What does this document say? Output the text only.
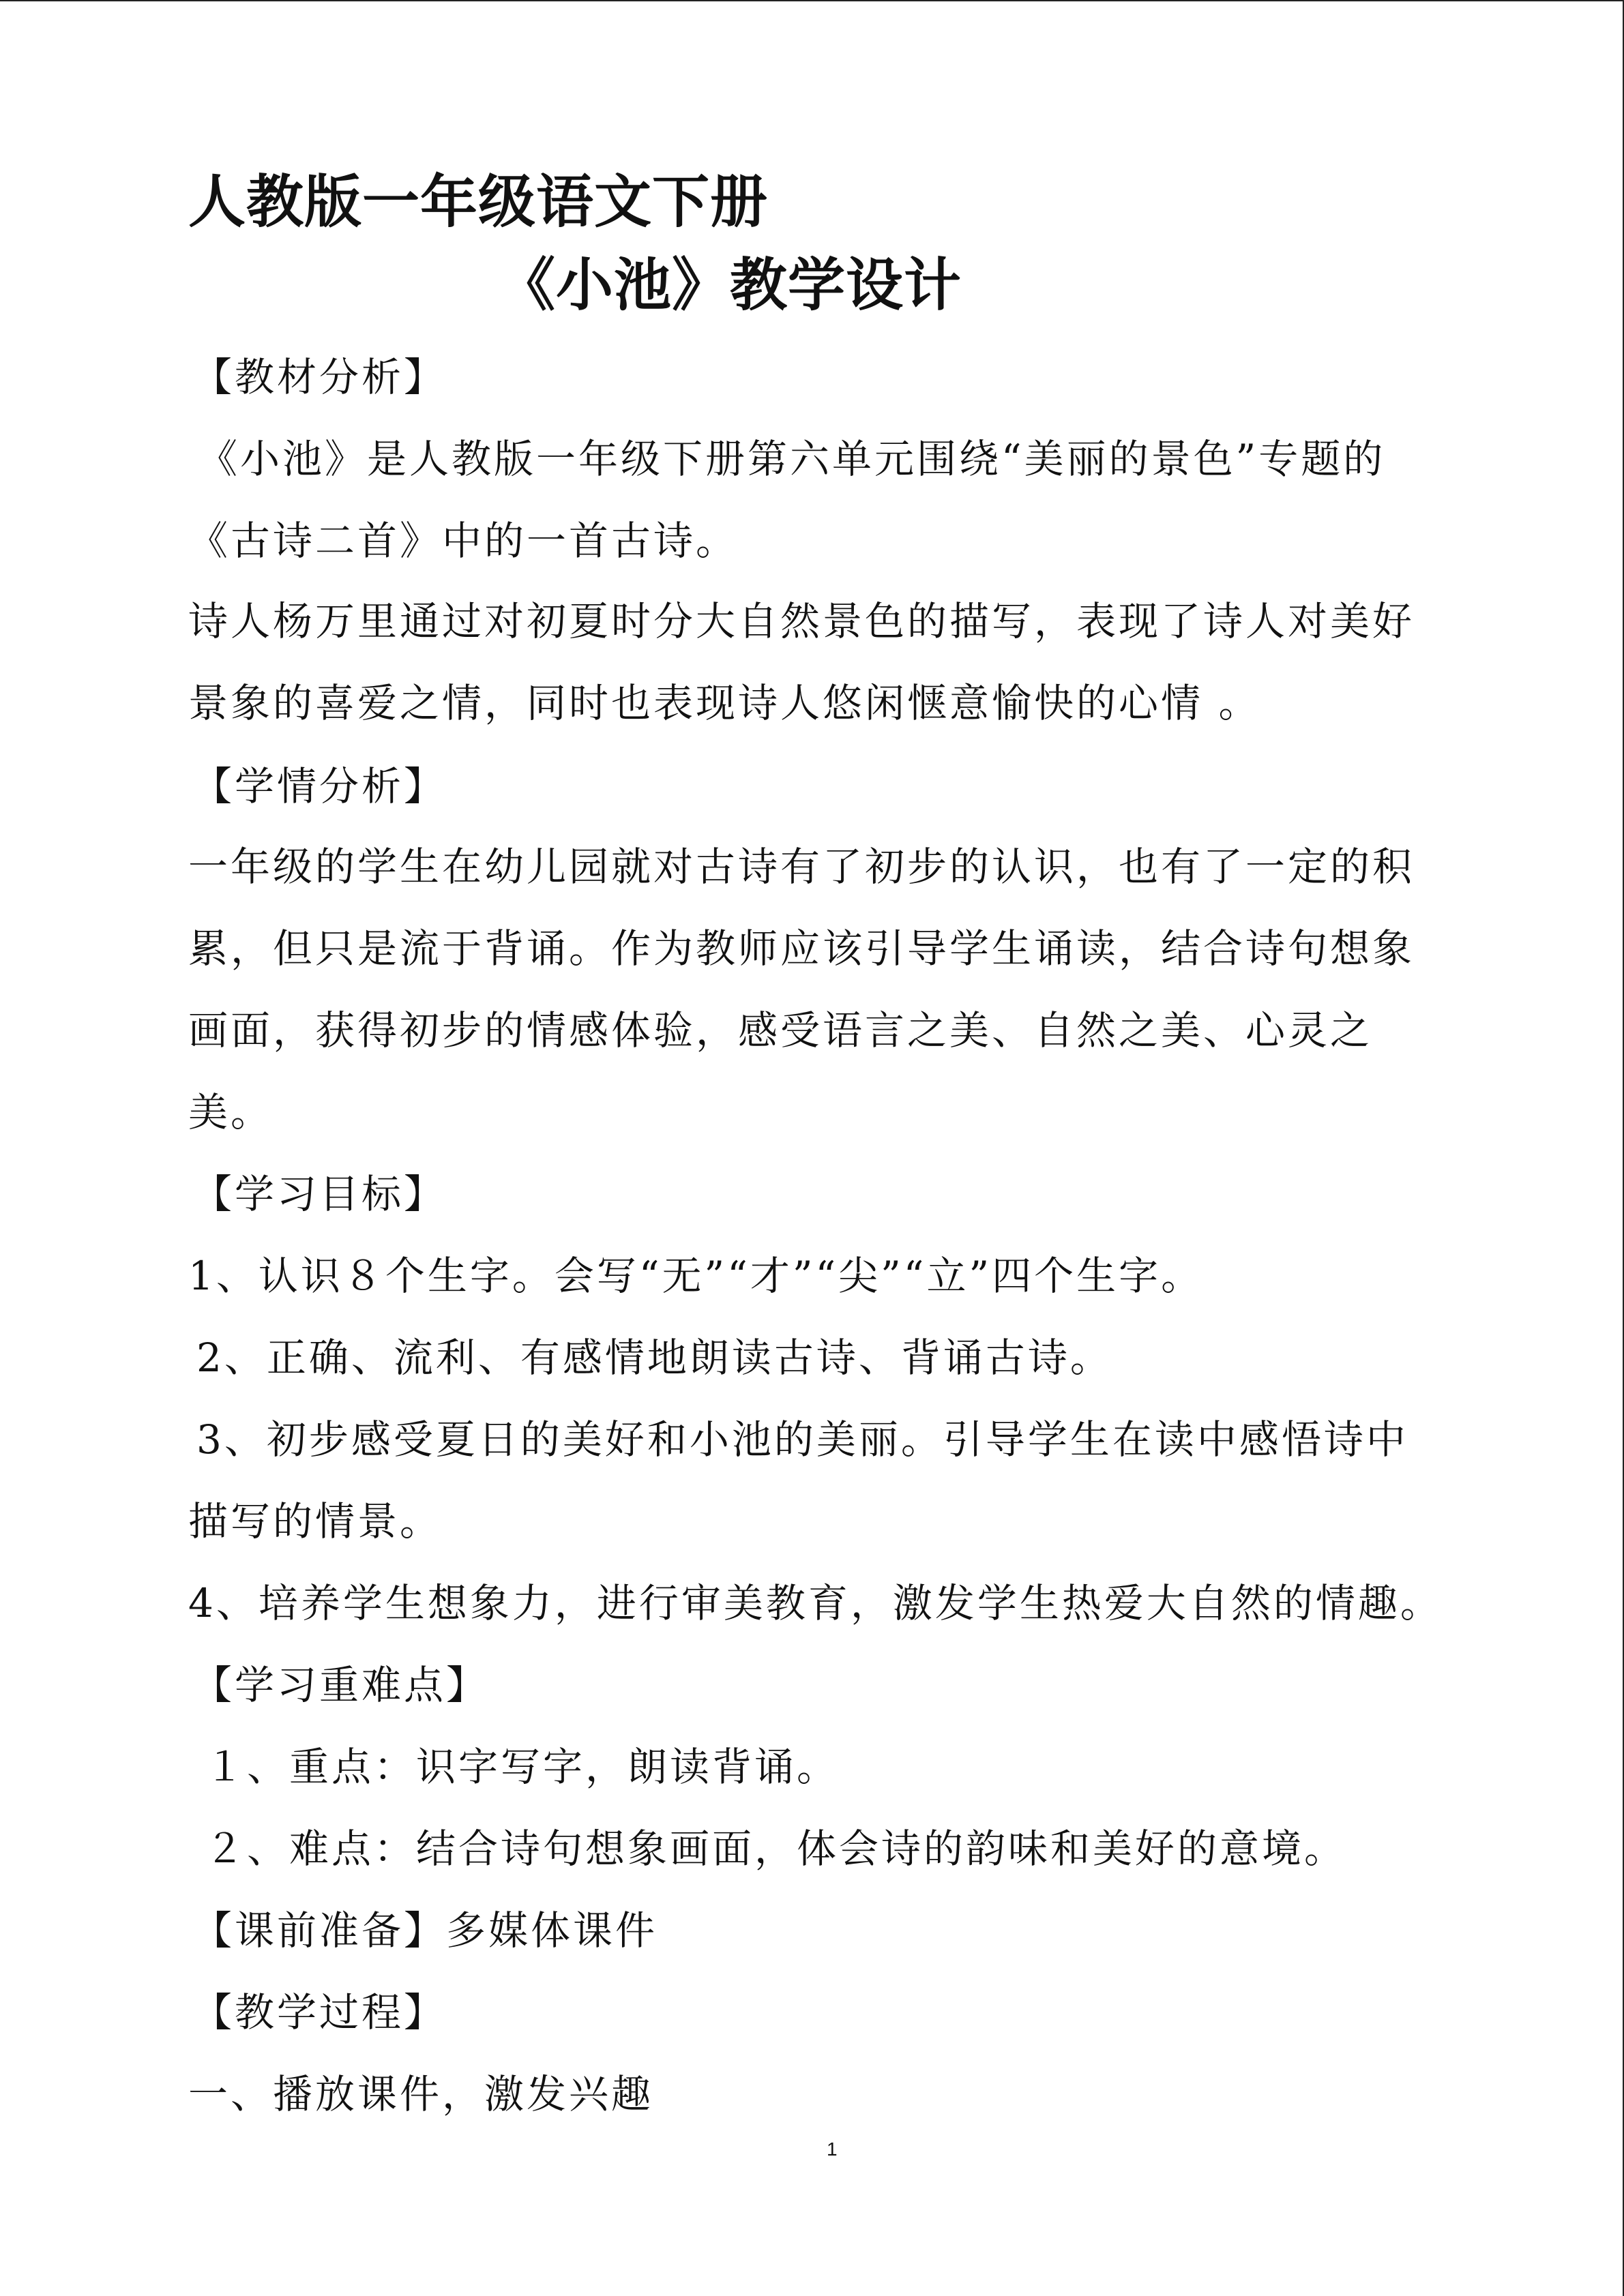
人教版一年级语文下册
《小池》教学设计
【教材分析】
《小池》是人教版一年级下册第六单元围绕“美丽的景色”专题的
《古诗二首》中的一首古诗。
诗人杨万里通过对初夏时分大自然景色的描写，表现了诗人对美好
景象的喜爱之情，同时也表现诗人悠闲惬意愉快的心情 。
【学情分析】
一年级的学生在幼儿园就对古诗有了初步的认识，也有了一定的积
累，但只是流于背诵。作为教师应该引导学生诵读，结合诗句想象
画面，获得初步的情感体验，感受语言之美、自然之美、心灵之
美。
【学习目标】
1、认识８个生字。会写“无”“才”“尖”“立”四个生字。
2、正确、流利、有感情地朗读古诗、背诵古诗。
3、初步感受夏日的美好和小池的美丽。引导学生在读中感悟诗中
描写的情景。
4、培养学生想象力，进行审美教育，激发学生热爱大自然的情趣。
【学习重难点】
１、重点：识字写字，朗读背诵。
２、难点：结合诗句想象画面，体会诗的韵味和美好的意境。
【课前准备】多媒体课件
【教学过程】
一、播放课件，激发兴趣
1
